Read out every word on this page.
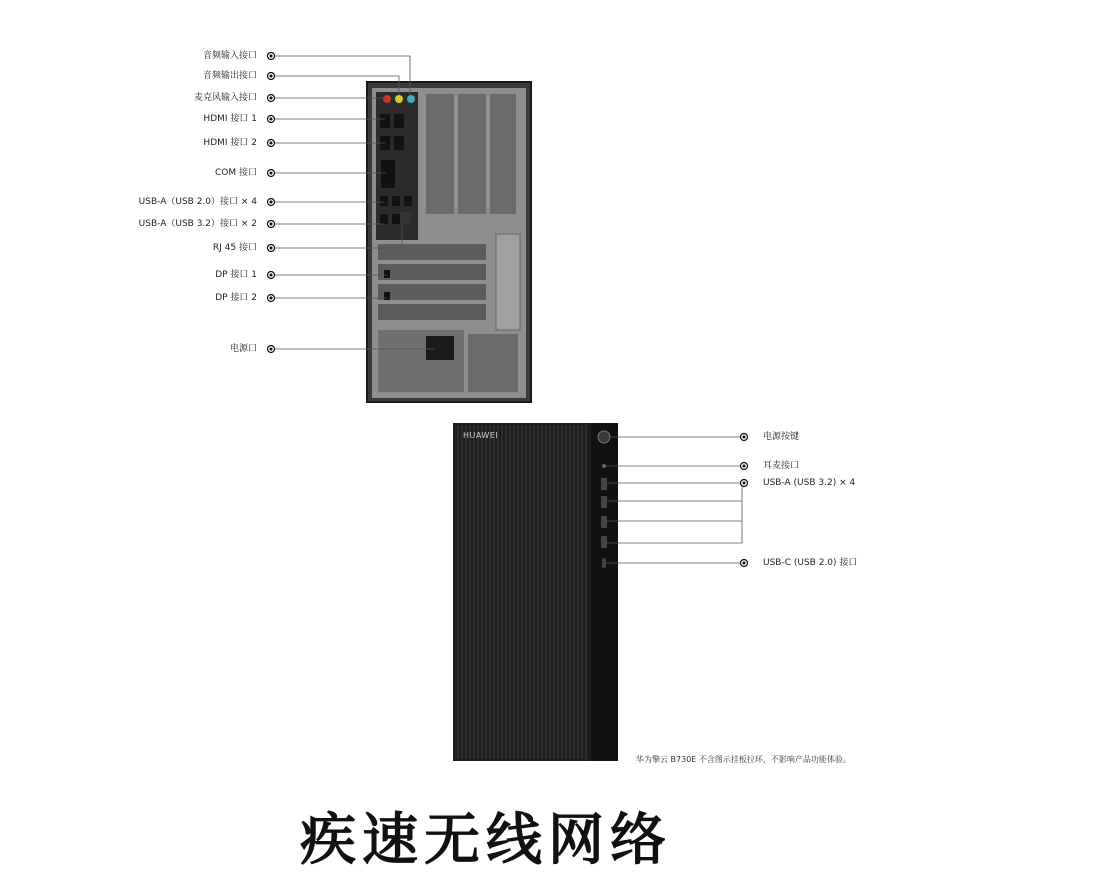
音频输入接口
音频输出接口
麦克风输入接口
HDMI 接口 1
HDMI 接口 2
COM 接口
USB-A（USB 2.0）接口 × 4
USB-A（USB 3.2）接口 × 2
RJ 45 接口
DP 接口 1
DP 接口 2
电源口
HUAWEI	电源按键
耳麦接口
USB-A (USB 3.2) × 4
USB-C (USB 2.0) 接口
华为擎云 B730E 不含图示挂板拉环，不影响产品功能体验。
疾速无线网络
